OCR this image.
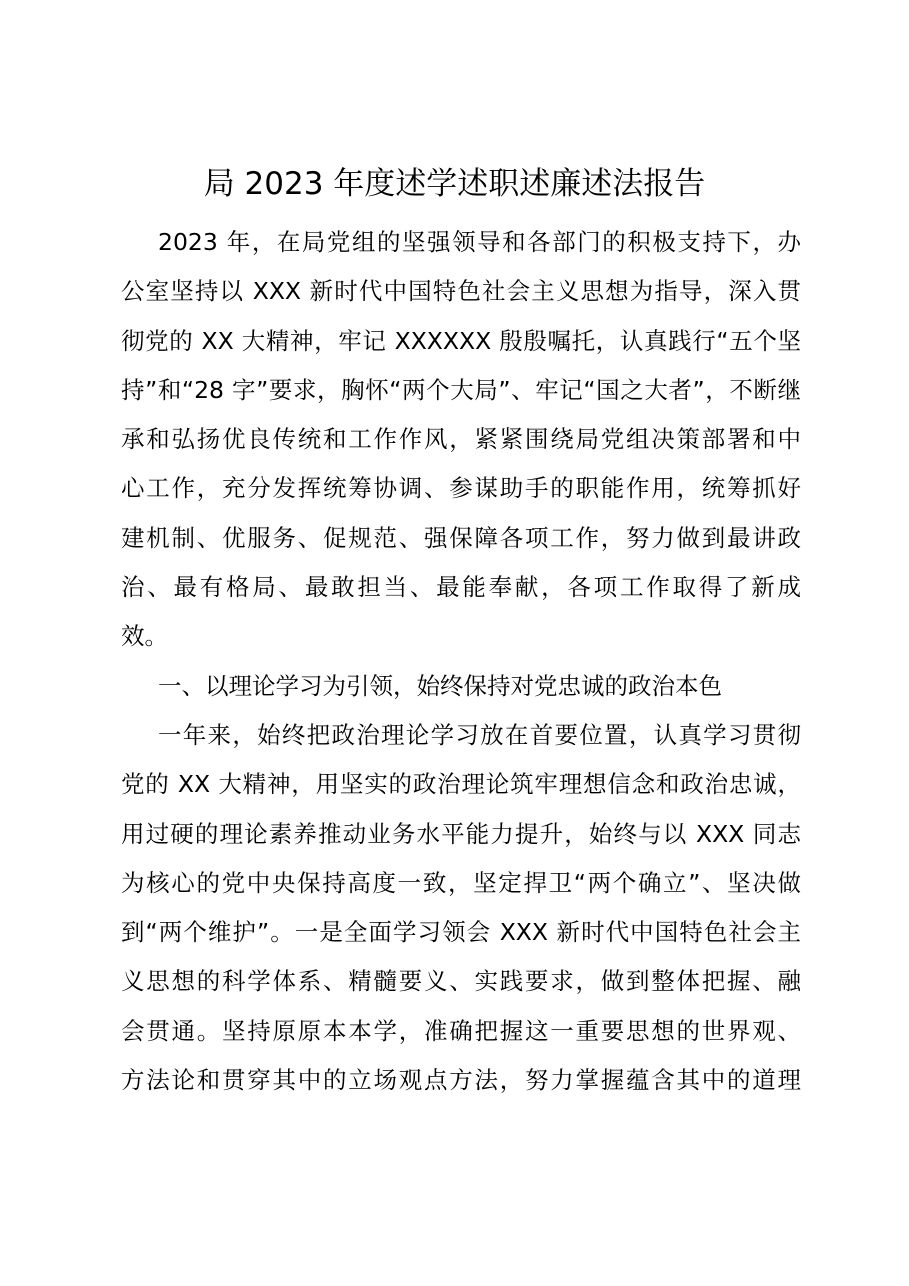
局 2023 年度述学述职述廉述法报告
2023 年，在局党组的坚强领导和各部门的积极支持下，办
公室坚持以 XXX 新时代中国特色社会主义思想为指导，深入贯
彻党的 XX 大精神，牢记 XXXXXX 殷殷嘱托，认真践行“五个坚
持”和“28 字”要求，胸怀“两个大局”、牢记“国之大者”，不断继
承和弘扬优良传统和工作作风，紧紧围绕局党组决策部署和中
心工作，充分发挥统筹协调、参谋助手的职能作用，统筹抓好
建机制、优服务、促规范、强保障各项工作，努力做到最讲政
治、最有格局、最敢担当、最能奉献，各项工作取得了新成
效。
一、以理论学习为引领，始终保持对党忠诚的政治本色
一年来，始终把政治理论学习放在首要位置，认真学习贯彻
党的 XX 大精神，用坚实的政治理论筑牢理想信念和政治忠诚，
用过硬的理论素养推动业务水平能力提升，始终与以 XXX 同志
为核心的党中央保持高度一致，坚定捍卫“两个确立”、坚决做
到“两个维护”。一是全面学习领会 XXX 新时代中国特色社会主
义思想的科学体系、精髓要义、实践要求，做到整体把握、融
会贯通。坚持原原本本学，准确把握这一重要思想的世界观、
方法论和贯穿其中的立场观点方法，努力掌握蕴含其中的道理
